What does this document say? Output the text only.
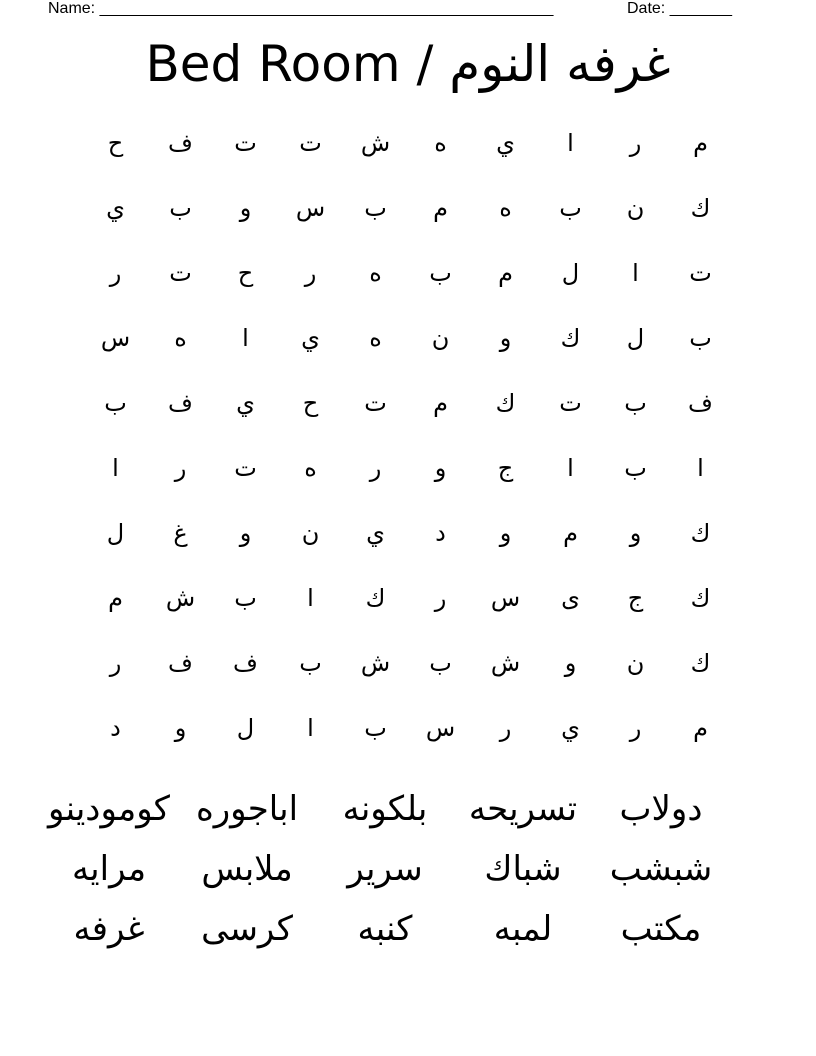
Name: ___________________________________________________	Date: _______
Bed Room / غرفه النوم
م
ر
ا
ي
ه
ش
ت
ت
ف
ح
ك
ن
ب
ه
م
ب
س
و
ب
ي
ت
ا
ل
م
ب
ه
ر
ح
ت
ر
ب
ل
ك
و
ن
ه
ي
ا
ه
س
ف
ب
ت
ك
م
ت
ح
ي
ف
ب
ا
ب
ا
ج
و
ر
ه
ت
ر
ا
ك
و
م
و
د
ي
ن
و
غ
ل
ك
ج
ى
س
ر
ك
ا
ب
ش
م
ك
ن
و
ش
ب
ش
ب
ف
ف
ر
م
ر
ي
ر
س
ب
ا
ل
و
د
دولاب
تسريحه
بلكونه
اباجوره
كومودينو
شبشب
شباك
سرير
ملابس
مرايه
مكتب
لمبه
كنبه
كرسى
غرفه
